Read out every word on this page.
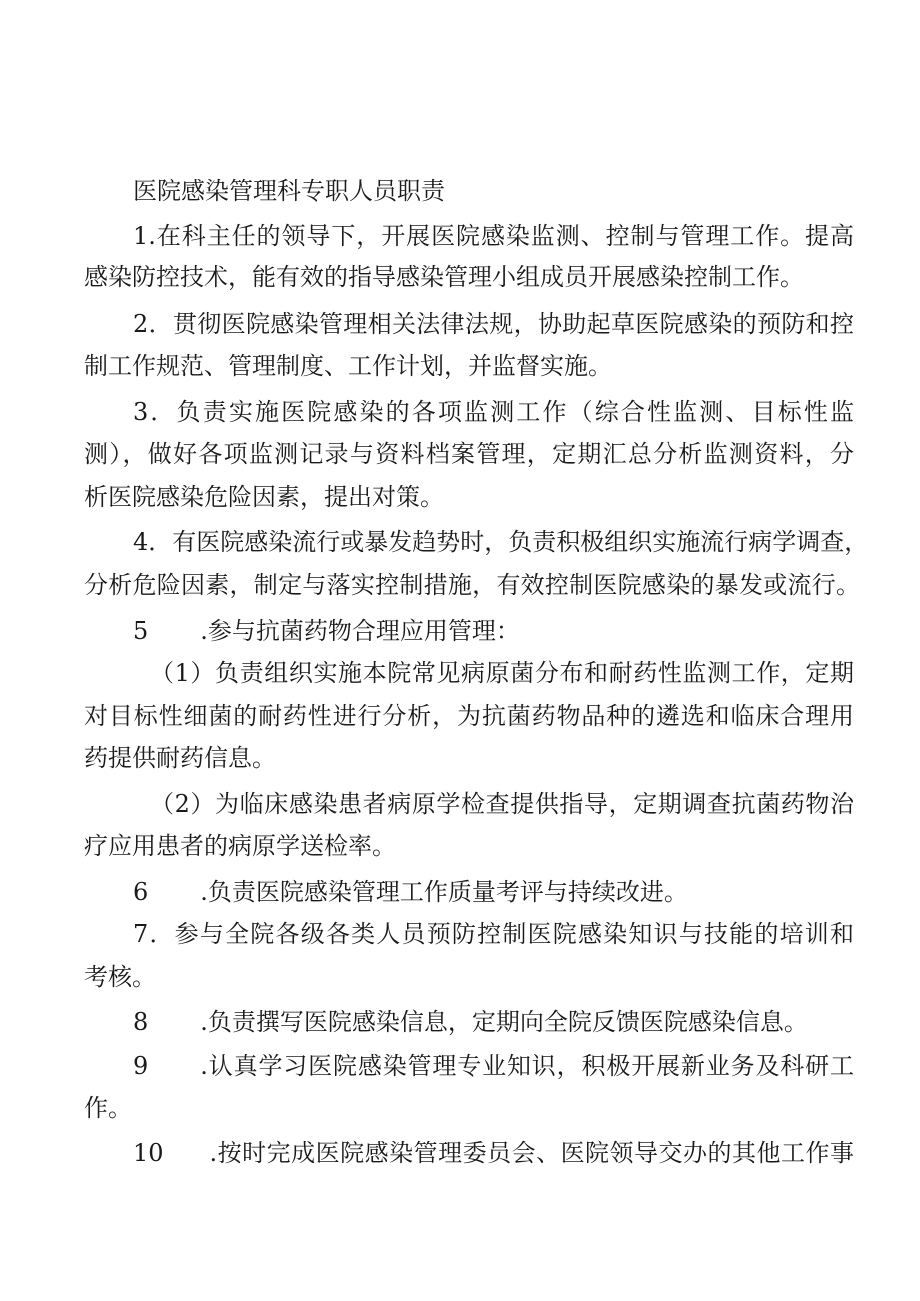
医院感染管理科专职人员职责
1.在科主任的领导下，开展医院感染监测、控制与管理工作。提高
感染防控技术，能有效的指导感染管理小组成员开展感染控制工作。
2．贯彻医院感染管理相关法律法规，协助起草医院感染的预防和控
制工作规范、管理制度、工作计划，并监督实施。
3．负责实施医院感染的各项监测工作（综合性监测、目标性监
测），做好各项监测记录与资料档案管理，定期汇总分析监测资料，分
析医院感染危险因素，提出对策。
4．有医院感染流行或暴发趋势时，负责积极组织实施流行病学调查，
分析危险因素，制定与落实控制措施，有效控制医院感染的暴发或流行。
5 .参与抗菌药物合理应用管理：
（1）负责组织实施本院常见病原菌分布和耐药性监测工作，定期
对目标性细菌的耐药性进行分析，为抗菌药物品种的遴选和临床合理用
药提供耐药信息。
（2）为临床感染患者病原学检查提供指导，定期调查抗菌药物治
疗应用患者的病原学送检率。
6 .负责医院感染管理工作质量考评与持续改进。
7．参与全院各级各类人员预防控制医院感染知识与技能的培训和
考核。
8 .负责撰写医院感染信息，定期向全院反馈医院感染信息。
9 .认真学习医院感染管理专业知识，积极开展新业务及科研工
作。
10 .按时完成医院感染管理委员会、医院领导交办的其他工作事
